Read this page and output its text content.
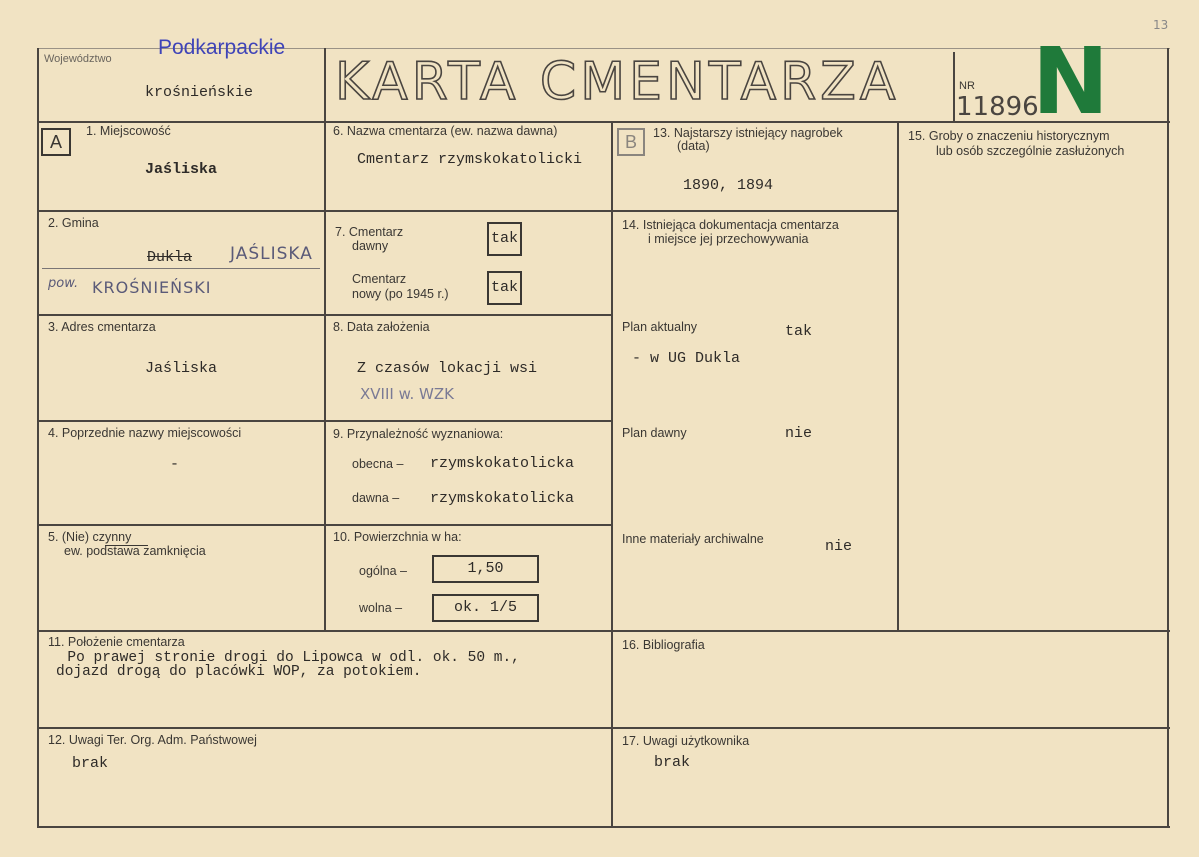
Województwo Podkarpackie
krośnieńskie KARTA CMENTARZA	NR
11896
N
13
A
1. Miejscowość
Jaśliska
2. Gmina
Dukla JAŚLISKA
pow. KROŚNIEŃSKI
3. Adres cmentarza
Jaśliska
4. Poprzednie nazwy miejscowości
-
5. (Nie) czynny
ew. podstawa zamknięcia
6. Nazwa cmentarza (ew. nazwa dawna)
Cmentarz rzymskokatolicki
7. Cmentarz
dawny	tak
Cmentarz
nowy (po 1945 r.)	tak
8. Data założenia
Z czasów lokacji wsi
XVIII w. WZK
9. Przynależność wyznaniowa:
obecna – rzymskokatolicka
dawna – rzymskokatolicka
10. Powierzchnia w ha:
ogólna –	1,50
wolna –	ok. 1/5
B	13. Najstarszy istniejący nagrobek
(data)
1890, 1894
14. Istniejąca dokumentacja cmentarza
i miejsce jej przechowywania
Plan aktualny	tak
- w UG Dukla
Plan dawny	nie
Inne materiały archiwalne	nie
15. Groby o znaczeniu historycznym
lub osób szczególnie zasłużonych
11. Położenie cmentarza
Po prawej stronie drogi do Lipowca w odl. ok. 50 m.,
dojazd drogą do placówki WOP, za potokiem.
16. Bibliografia
12. Uwagi Ter. Org. Adm. Państwowej
brak
17. Uwagi użytkownika
brak
